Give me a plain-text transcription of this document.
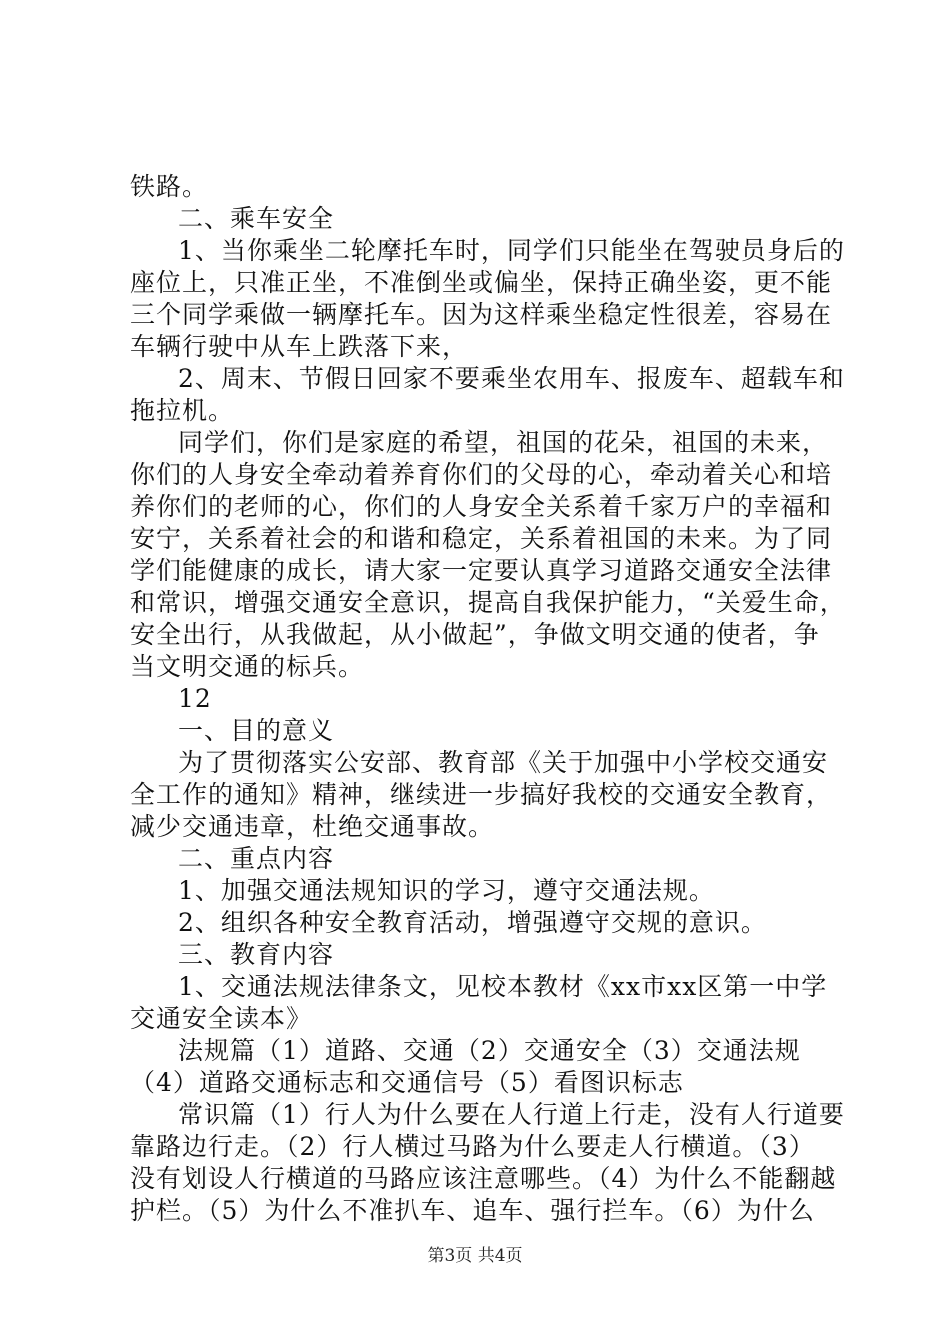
铁路。
二、乘车安全
1、当你乘坐二轮摩托车时，同学们只能坐在驾驶员身后的
座位上，只准正坐，不准倒坐或偏坐，保持正确坐姿，更不能
三个同学乘做一辆摩托车。因为这样乘坐稳定性很差，容易在
车辆行驶中从车上跌落下来，
2、周末、节假日回家不要乘坐农用车、报废车、超载车和
拖拉机。
同学们，你们是家庭的希望，祖国的花朵，祖国的未来，
你们的人身安全牵动着养育你们的父母的心，牵动着关心和培
养你们的老师的心，你们的人身安全关系着千家万户的幸福和
安宁，关系着社会的和谐和稳定，关系着祖国的未来。为了同
学们能健康的成长，请大家一定要认真学习道路交通安全法律
和常识，增强交通安全意识，提高自我保护能力，“关爱生命，
安全出行，从我做起，从小做起”，争做文明交通的使者，争
当文明交通的标兵。
12
一、目的意义
为了贯彻落实公安部、教育部《关于加强中小学校交通安
全工作的通知》精神，继续进一步搞好我校的交通安全教育，
减少交通违章，杜绝交通事故。
二、重点内容
1、加强交通法规知识的学习，遵守交通法规。
2、组织各种安全教育活动，增强遵守交规的意识。
三、教育内容
1、交通法规法律条文，见校本教材《xx市xx区第一中学
交通安全读本》
法规篇（1）道路、交通（2）交通安全（3）交通法规
（4）道路交通标志和交通信号（5）看图识标志
常识篇（1）行人为什么要在人行道上行走，没有人行道要
靠路边行走。（2）行人横过马路为什么要走人行横道。（3）
没有划设人行横道的马路应该注意哪些。（4）为什么不能翻越
护栏。（5）为什么不准扒车、追车、强行拦车。（6）为什么
第3页 共4页
